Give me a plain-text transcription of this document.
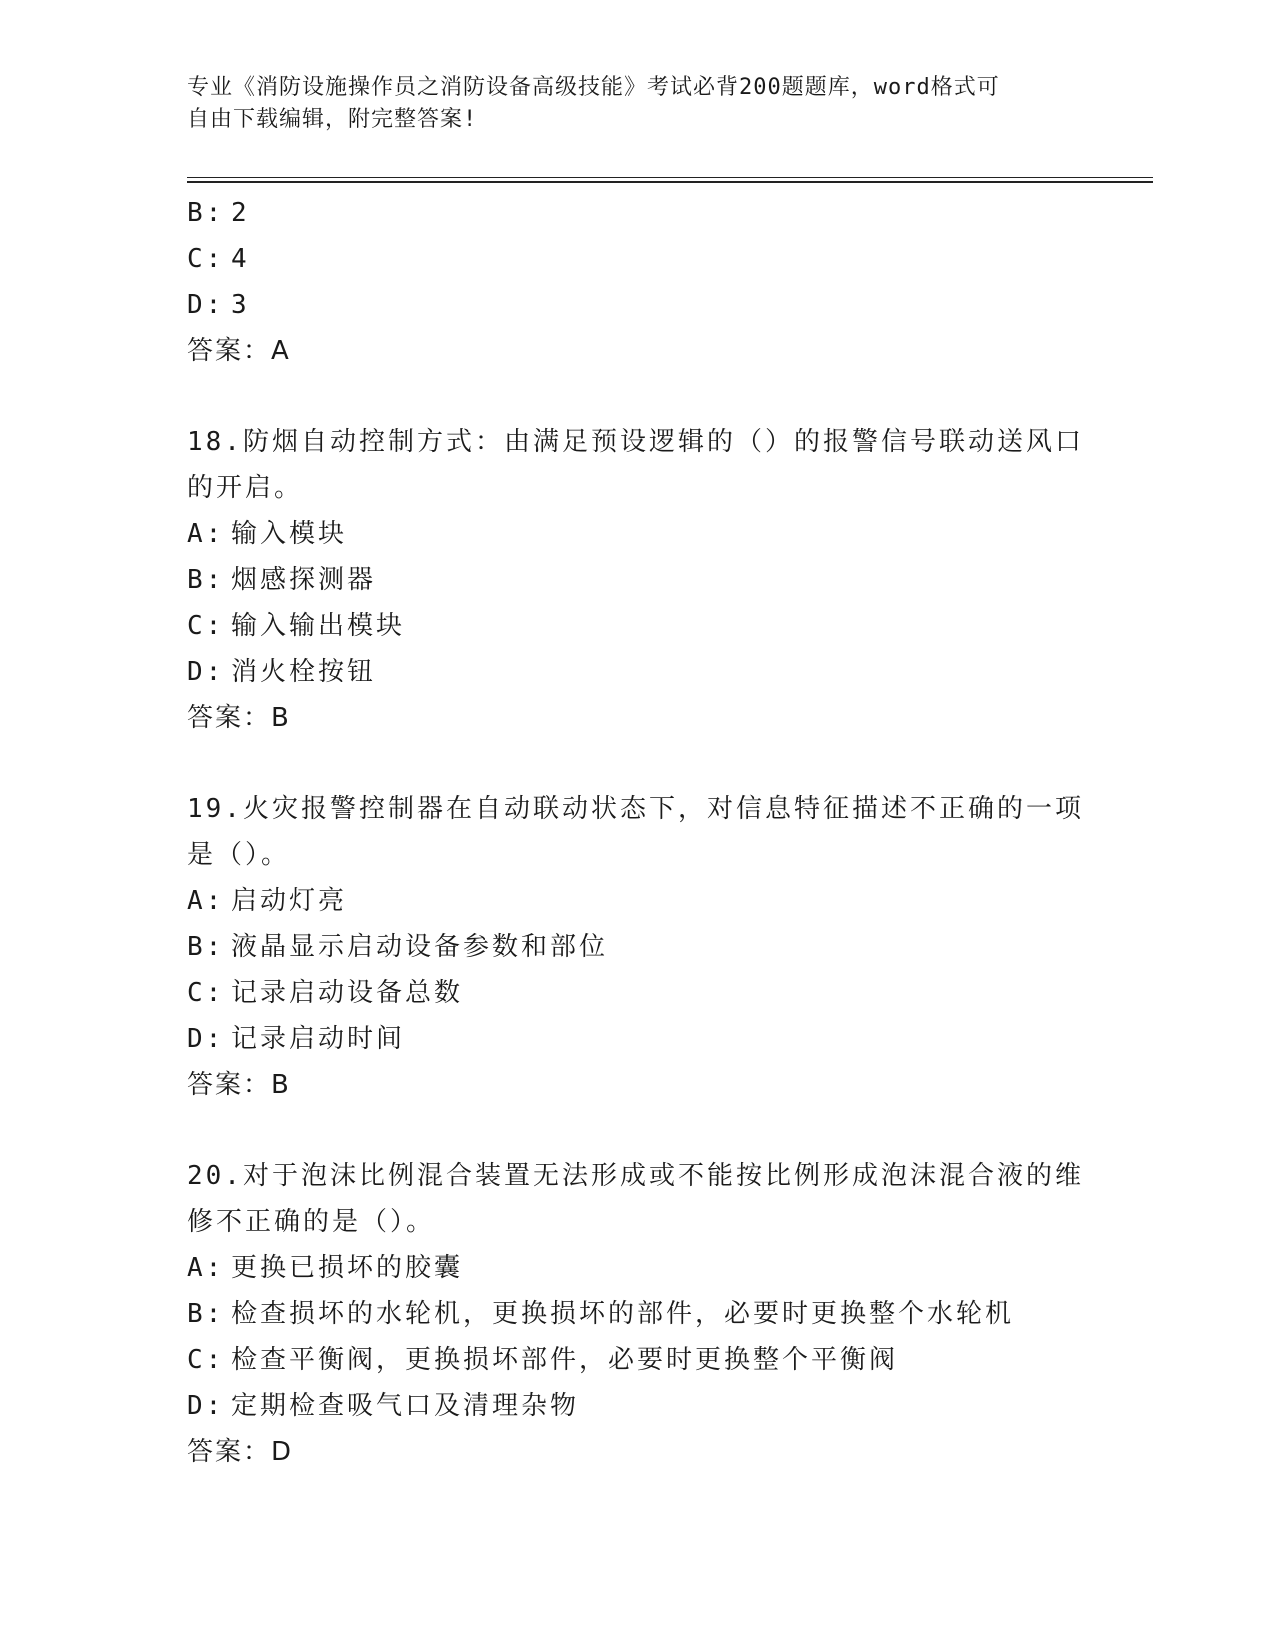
专业《消防设施操作员之消防设备高级技能》考试必背200题题库，word格式可
自由下载编辑，附完整答案!
B: 2
C: 4
D: 3
答案：A
18.防烟自动控制方式：由满足预设逻辑的（）的报警信号联动送风口
的开启。
A: 输入模块
B: 烟感探测器
C: 输入输出模块
D: 消火栓按钮
答案：B
19.火灾报警控制器在自动联动状态下，对信息特征描述不正确的一项
是（）。
A: 启动灯亮
B: 液晶显示启动设备参数和部位
C: 记录启动设备总数
D: 记录启动时间
答案：B
20.对于泡沫比例混合装置无法形成或不能按比例形成泡沫混合液的维
修不正确的是（）。
A: 更换已损坏的胶囊
B: 检查损坏的水轮机，更换损坏的部件，必要时更换整个水轮机
C: 检查平衡阀，更换损坏部件，必要时更换整个平衡阀
D: 定期检查吸气口及清理杂物
答案：D
